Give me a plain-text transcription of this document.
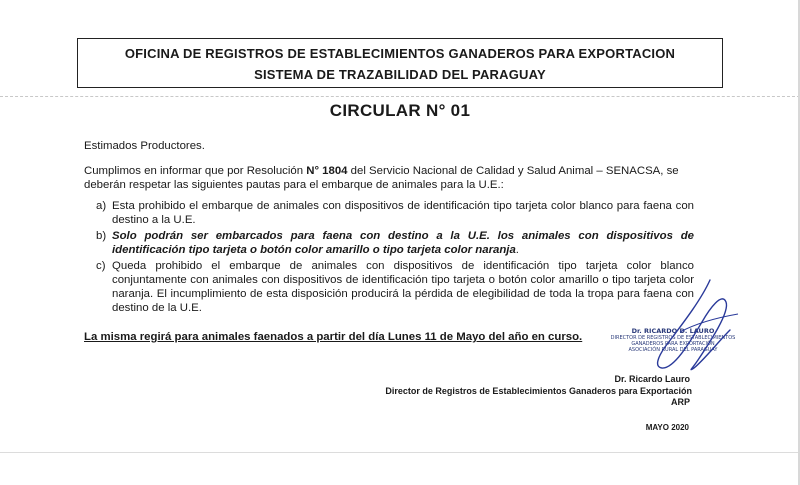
OFICINA DE REGISTROS DE ESTABLECIMIENTOS GANADEROS PARA EXPORTACION
SISTEMA DE TRAZABILIDAD DEL PARAGUAY
CIRCULAR N° 01
Estimados Productores.
Cumplimos en informar que por Resolución N° 1804 del Servicio Nacional de Calidad y Salud Animal – SENACSA, se deberán respetar las siguientes pautas para el embarque de animales para la U.E.:
a) Esta prohibido el embarque de animales con dispositivos de identificación tipo tarjeta color blanco para faena con destino a la U.E.
b) Solo podrán ser embarcados para faena con destino a la U.E. los animales con dispositivos de identificación tipo tarjeta o botón color amarillo o tipo tarjeta color naranja.
c) Queda prohibido el embarque de animales con dispositivos de identificación tipo tarjeta color blanco conjuntamente con animales con dispositivos de identificación tipo tarjeta o botón color amarillo o tipo tarjeta color naranja. El incumplimiento de esta disposición producirá la pérdida de elegibilidad de toda la tropa para faena con destino de la U.E.
La misma regirá para animales faenados a partir del día Lunes 11 de Mayo del año en curso.	Dr. RICARDO D. LAURO
DIRECTOR DE REGISTROS DE ESTABLECIMIENTOS
GANADEROS PARA EXPORTACIÓN
ASOCIACIÓN RURAL DEL PARAGUAY
Dr. Ricardo Lauro
Director de Registros de Establecimientos Ganaderos para Exportación
ARP
MAYO 2020
